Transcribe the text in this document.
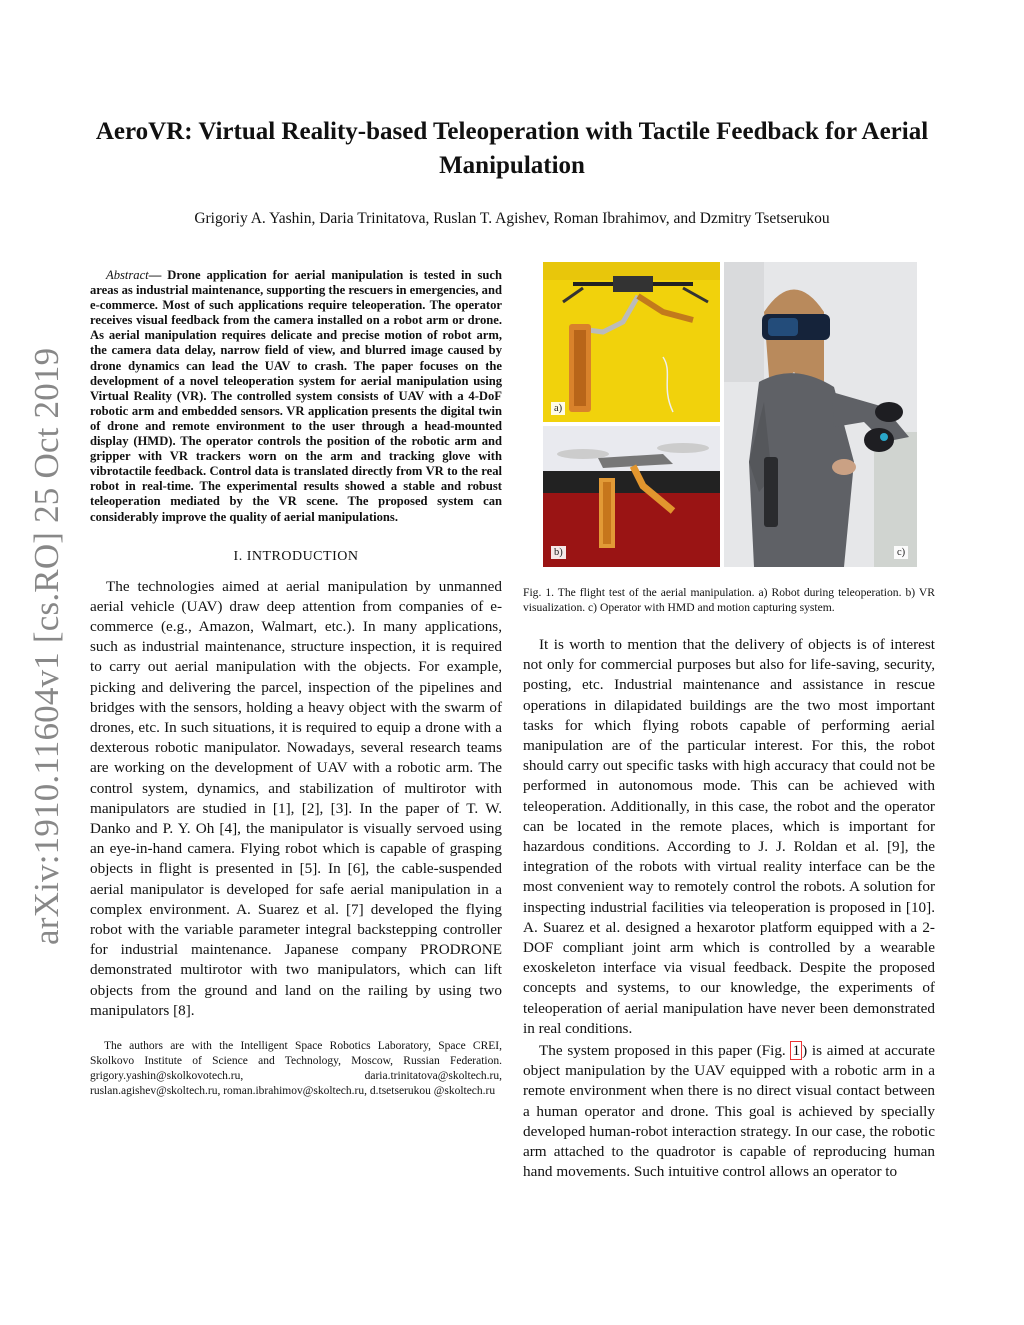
arXiv:1910.11604v1 [cs.RO] 25 Oct 2019
AeroVR: Virtual Reality-based Teleoperation with Tactile Feedback for Aerial Manipulation
Grigoriy A. Yashin, Daria Trinitatova, Ruslan T. Agishev, Roman Ibrahimov, and Dzmitry Tsetserukou

Abstract— Drone application for aerial manipulation is tested in such areas as industrial maintenance, supporting the rescuers in emergencies, and e-commerce. Most of such applications require teleoperation. The operator receives visual feedback from the camera installed on a robot arm or drone. As aerial manipulation requires delicate and precise motion of robot arm, the camera data delay, narrow field of view, and blurred image caused by drone dynamics can lead the UAV to crash. The paper focuses on the development of a novel teleoperation system for aerial manipulation using Virtual Reality (VR). The controlled system consists of UAV with a 4-DoF robotic arm and embedded sensors. VR application presents the digital twin of drone and remote environment to the user through a head-mounted display (HMD). The operator controls the position of the robotic arm and gripper with VR trackers worn on the arm and tracking glove with vibrotactile feedback. Control data is translated directly from VR to the real robot in real-time. The experimental results showed a stable and robust teleoperation mediated by the VR scene. The proposed system can considerably improve the quality of aerial manipulations.

I. INTRODUCTION

The technologies aimed at aerial manipulation by unmanned aerial vehicle (UAV) draw deep attention from companies of e-commerce (e.g., Amazon, Walmart, etc.). In many applications, such as industrial maintenance, structure inspection, it is required to carry out aerial manipulation with the objects. For example, picking and delivering the parcel, inspection of the pipelines and bridges with the sensors, holding a heavy object with the swarm of drones, etc. In such situations, it is required to equip a drone with a dexterous robotic manipulator. Nowadays, several research teams are working on the development of UAV with a robotic arm. The control system, dynamics, and stabilization of multirotor with manipulators are studied in [1], [2], [3]. In the paper of T. W. Danko and P. Y. Oh [4], the manipulator is visually servoed using an eye-in-hand camera. Flying robot which is capable of grasping objects in flight is presented in [5]. In [6], the cable-suspended aerial manipulator is developed for safe aerial manipulation in a complex environment. A. Suarez et al. [7] developed the flying robot with the variable parameter integral backstepping controller for industrial maintenance. Japanese company PRODRONE demonstrated multirotor with two manipulators, which can lift objects from the ground and land on the railing by using two manipulators [8].

The authors are with the Intelligent Space Robotics Laboratory, Space CREI, Skolkovo Institute of Science and Technology, Moscow, Russian Federation. grigory.yashin@skolkovotech.ru, daria.trinitatova@skoltech.ru, ruslan.agishev@skoltech.ru, roman.ibrahimov@skoltech.ru, d.tsetserukou @skoltech.ru

a)
b)	c)

Fig. 1. The flight test of the aerial manipulation. a) Robot during teleoperation. b) VR visualization. c) Operator with HMD and motion capturing system.

It is worth to mention that the delivery of objects is of interest not only for commercial purposes but also for life-saving, security, posting, etc. Industrial maintenance and assistance in rescue operations in dilapidated buildings are the two most important tasks for which flying robots capable of performing aerial manipulation are of the particular interest. For this, the robot should carry out specific tasks with high accuracy that could not be performed in autonomous mode. This can be achieved with teleoperation. Additionally, in this case, the robot and the operator can be located in the remote places, which is important for hazardous conditions. According to J. J. Roldan et al. [9], the integration of the robots with virtual reality interface can be the most convenient way to remotely control the robots. A solution for inspecting industrial facilities via teleoperation is proposed in [10]. A. Suarez et al. designed a hexarotor platform equipped with a 2-DOF compliant joint arm which is controlled by a wearable exoskeleton interface via visual feedback. Despite the proposed concepts and systems, to our knowledge, the experiments of teleoperation of aerial manipulation have never been demonstrated in real conditions.

The system proposed in this paper (Fig. 1 ) is aimed at accurate object manipulation by the UAV equipped with a robotic arm in a remote environment when there is no direct visual contact between a human operator and drone. This goal is achieved by specially developed human-robot interaction strategy. In our case, the robotic arm attached to the quadrotor is capable of reproducing human hand movements. Such intuitive control allows an operator to
